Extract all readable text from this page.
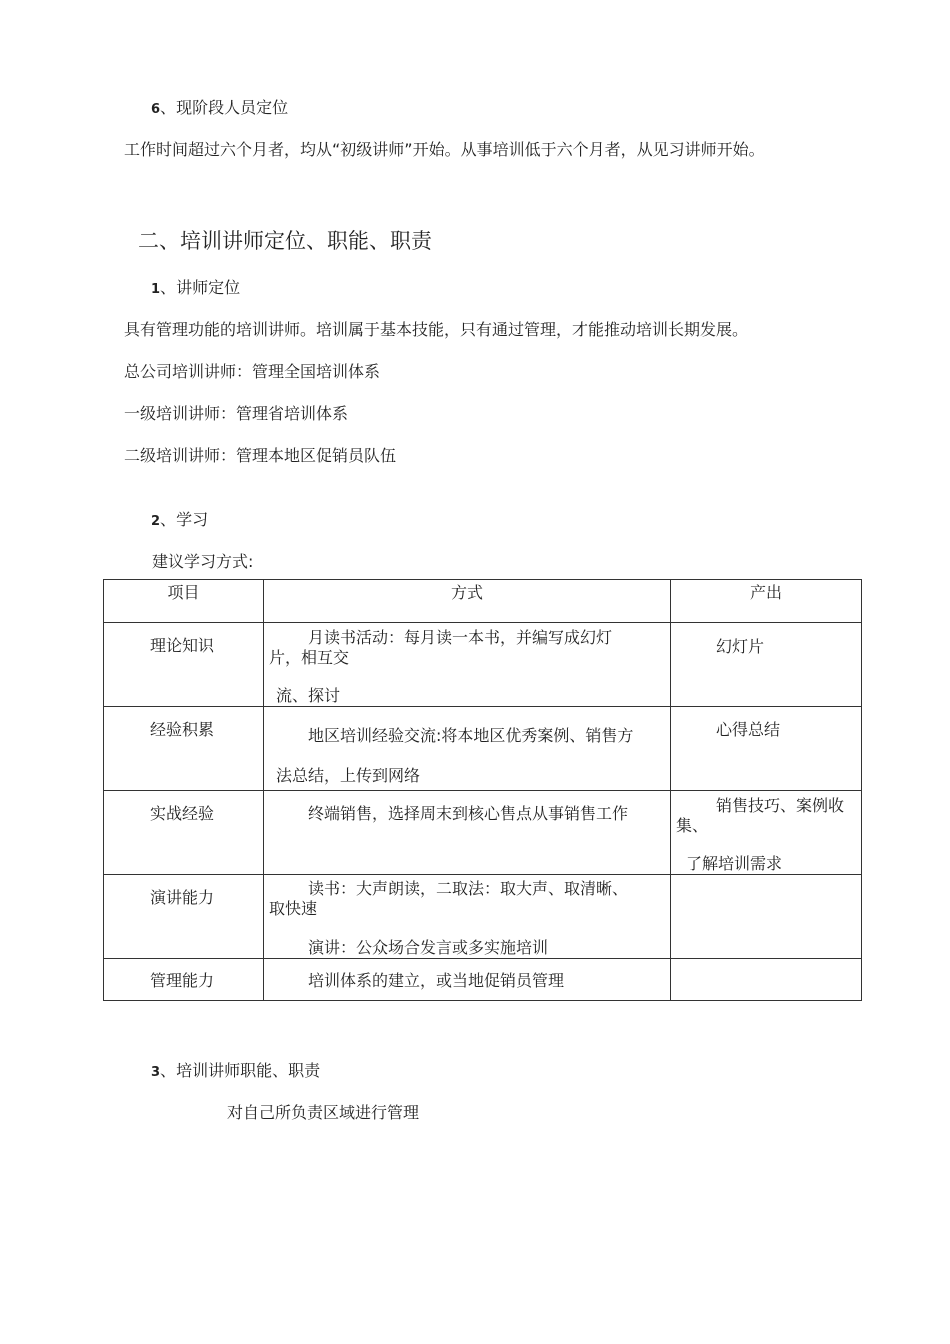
6、现阶段人员定位
工作时间超过六个月者，均从“初级讲师”开始。从事培训低于六个月者，从见习讲师开始。
二、培训讲师定位、职能、职责
1、讲师定位
具有管理功能的培训讲师。培训属于基本技能，只有通过管理，才能推动培训长期发展。
总公司培训讲师：管理全国培训体系
一级培训讲师：管理省培训体系
二级培训讲师：管理本地区促销员队伍
2、学习
建议学习方式:
项目	方式	产出

理论知识	月读书活动：每月读一本书，并编写成幻灯
片，相互交
流、探讨	幻灯片

经验积累	地区培训经验交流:将本地区优秀案例、销售方
法总结，上传到网络	心得总结

实战经验	终端销售，选择周末到核心售点从事销售工作	销售技巧、案例收
集、
了解培训需求

演讲能力	读书：大声朗读，二取法：取大声、取清晰、
取快速
演讲：公众场合发言或多实施培训	

管理能力	培训体系的建立，或当地促销员管理	

3、培训讲师职能、职责
对自己所负责区域进行管理
